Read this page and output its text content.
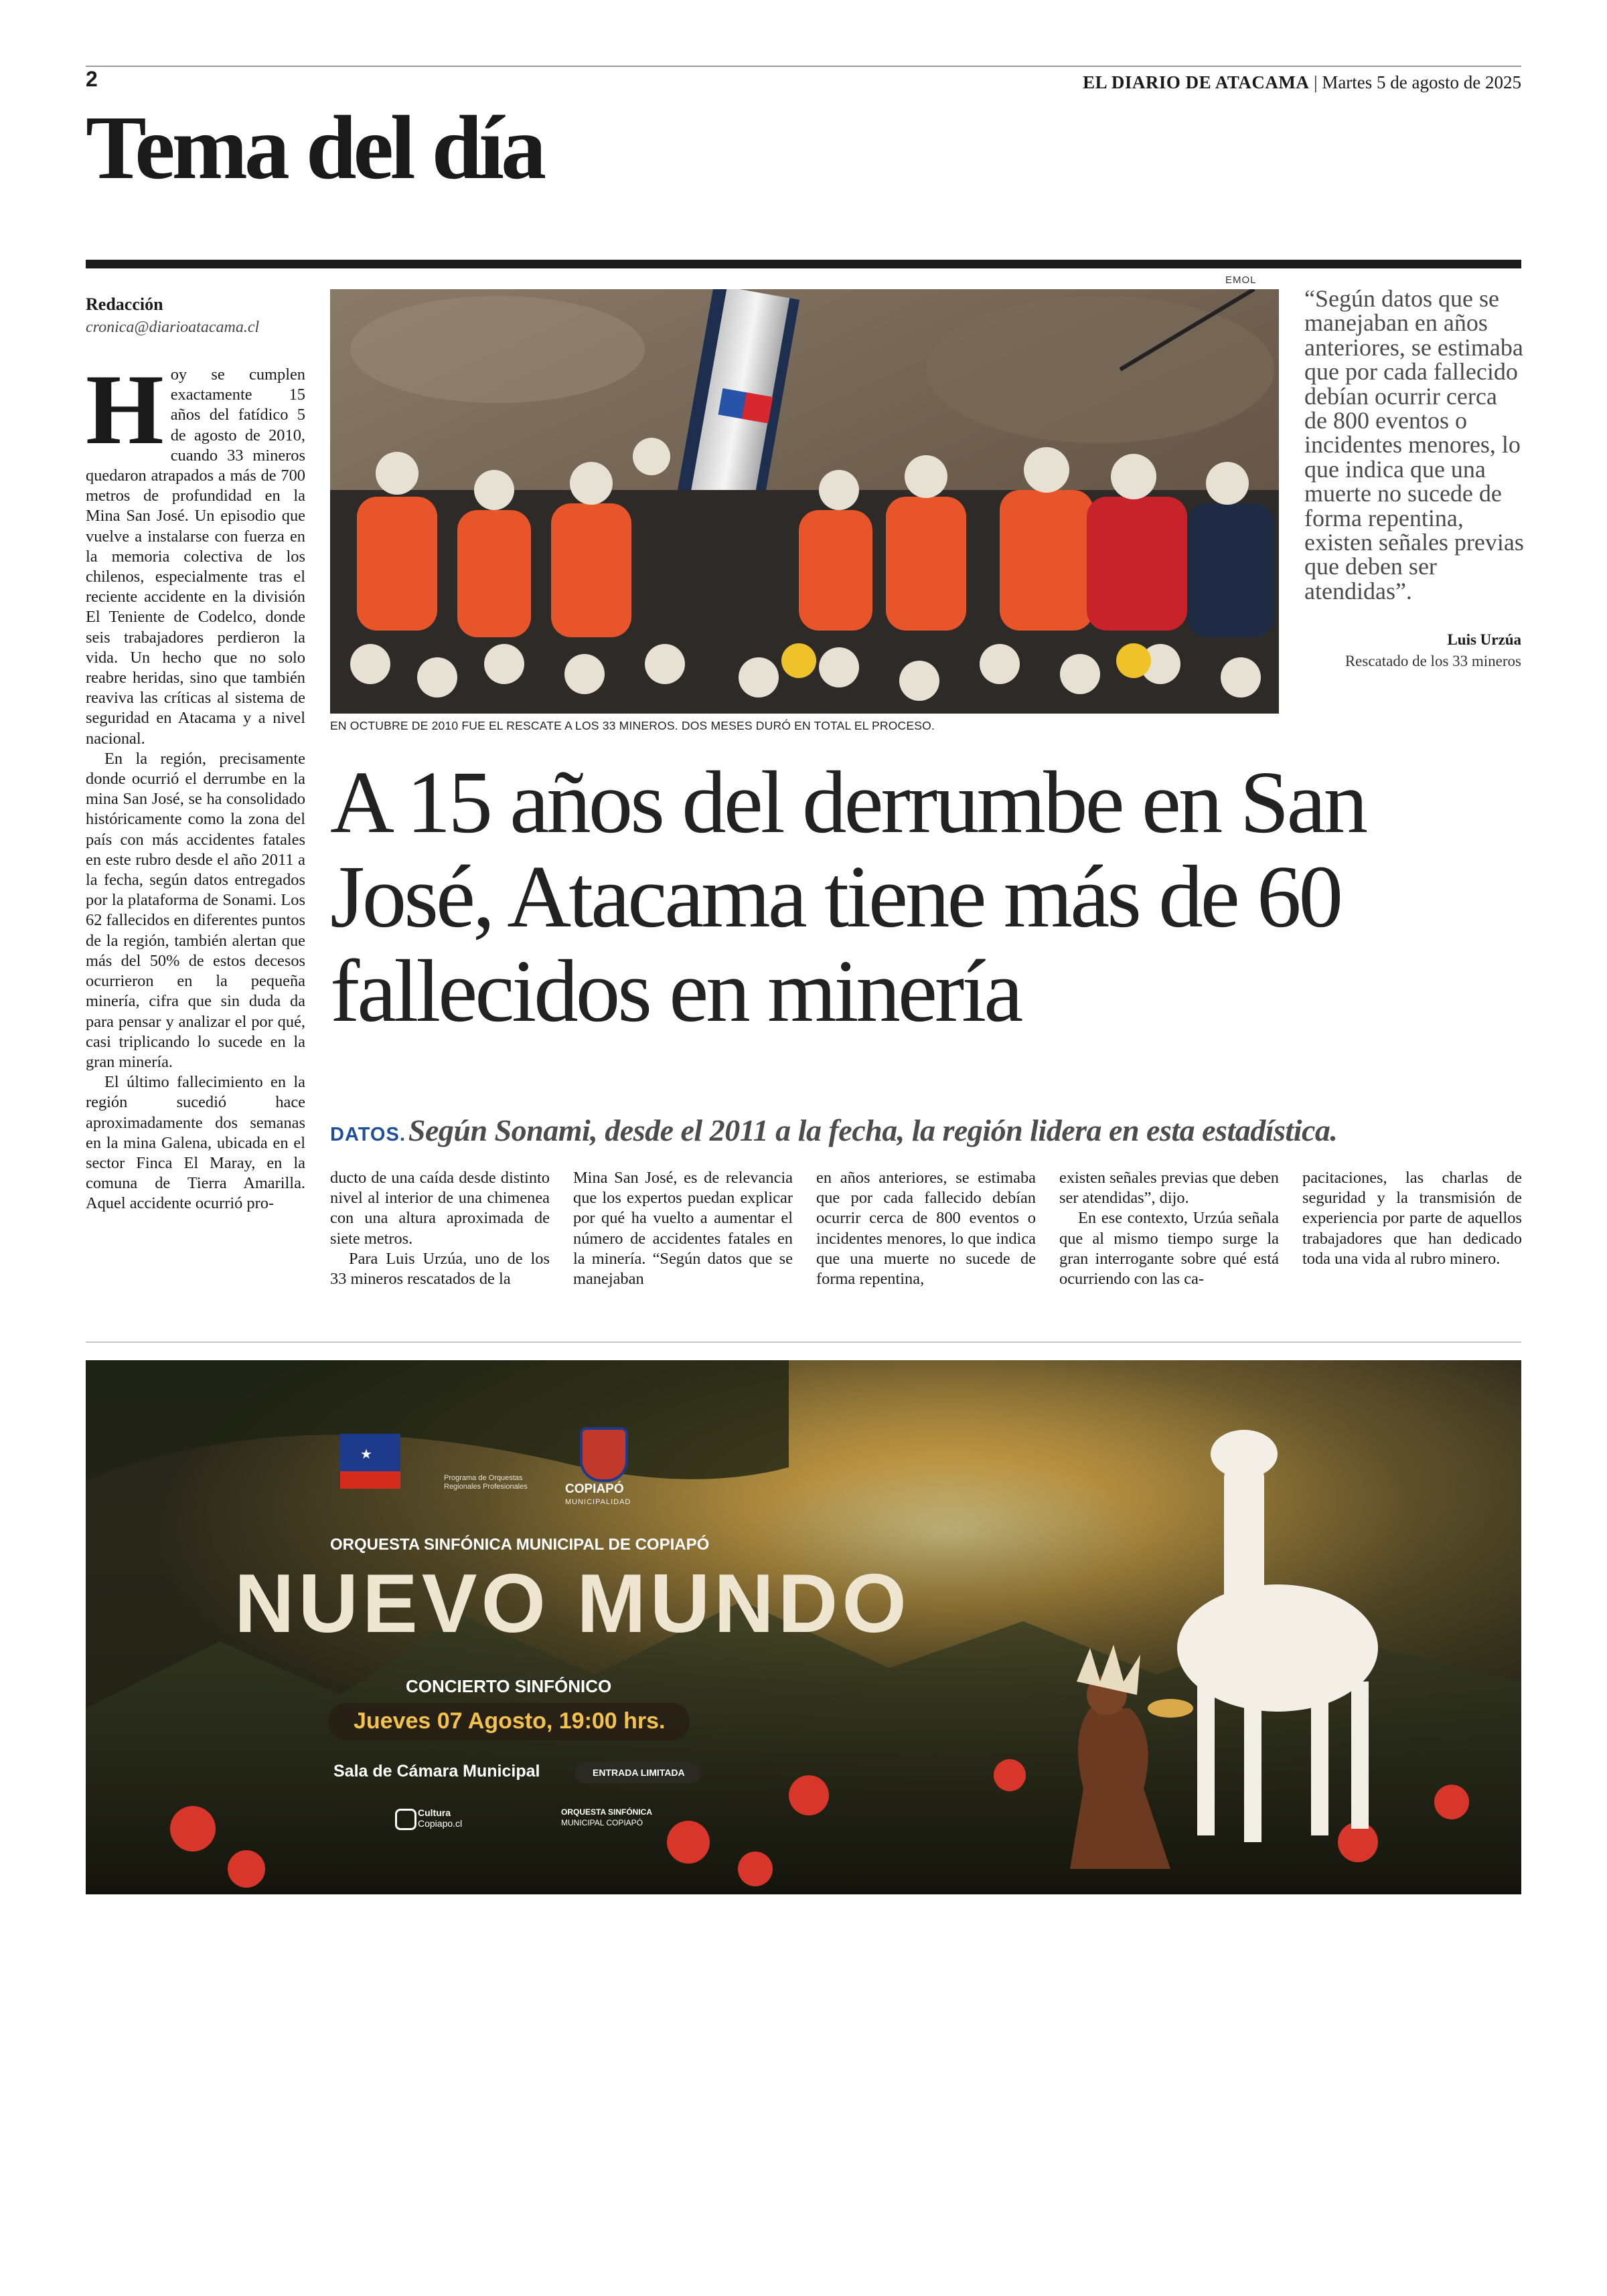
2	EL DIARIO DE ATACAMA | Martes 5 de agosto de 2025
Tema del día
Redacción
cronica@diarioatacama.cl

Hoy se cumplen exactamente 15 años del fatídico 5 de agosto de 2010, cuando 33 mineros quedaron atrapados a más de 700 metros de profundidad en la Mina San José. Un episodio que vuelve a instalarse con fuerza en la memoria colectiva de los chilenos, especialmente tras el reciente accidente en la división El Teniente de Codelco, donde seis trabajadores perdieron la vida. Un hecho que no solo reabre heridas, sino que también reaviva las críticas al sistema de seguridad en Atacama y a nivel nacional.

En la región, precisamente donde ocurrió el derrumbe en la mina San José, se ha consolidado históricamente como la zona del país con más accidentes fatales en este rubro desde el año 2011 a la fecha, según datos entregados por la plataforma de Sonami. Los 62 fallecidos en diferentes puntos de la región, también alertan que más del 50% de estos decesos ocurrieron en la pequeña minería, cifra que sin duda da para pensar y analizar el por qué, casi triplicando lo sucede en la gran minería.

El último fallecimiento en la región sucedió hace aproximadamente dos semanas en la mina Galena, ubicada en el sector Finca El Maray, en la comuna de Tierra Amarilla. Aquel accidente ocurrió pro-

EMOL
EN OCTUBRE DE 2010 FUE EL RESCATE A LOS 33 MINEROS. DOS MESES DURÓ EN TOTAL EL PROCESO.
“Según datos que se manejaban en años anteriores, se estimaba que por cada fallecido debían ocurrir cerca de 800 eventos o incidentes menores, lo que indica que una muerte no sucede de forma repentina, existen señales previas que deben ser atendidas”.
Luis Urzúa
Rescatado de los 33 mineros
A 15 años del derrumbe en San José, Atacama tiene más de 60 fallecidos en minería
DATOS. Según Sonami, desde el 2011 a la fecha, la región lidera en esta estadística.

ducto de una caída desde distinto nivel al interior de una chimenea con una altura aproximada de siete metros.

Para Luis Urzúa, uno de los 33 mineros rescatados de la

Mina San José, es de relevancia que los expertos puedan explicar por qué ha vuelto a aumentar el número de accidentes fatales en la minería. “Según datos que se manejaban

en años anteriores, se estimaba que por cada fallecido debían ocurrir cerca de 800 eventos o incidentes menores, lo que indica que una muerte no sucede de forma repentina,

existen señales previas que deben ser atendidas”, dijo.

En ese contexto, Urzúa señala que al mismo tiempo surge la gran interrogante sobre qué está ocurriendo con las ca-

pacitaciones, las charlas de seguridad y la transmisión de experiencia por parte de aquellos trabajadores que han dedicado toda una vida al rubro minero.

★
Programa de Orquestas Regionales Profesionales	COPIAPÓ
MUNICIPALIDAD
ORQUESTA SINFÓNICA MUNICIPAL DE COPIAPÓ
NUEVO MUNDO
CONCIERTO SINFÓNICO
Jueves 07 Agosto, 19:00 hrs.
Sala de Cámara Municipal	ENTRADA LIMITADA
Cultura
Copiapo.cl
ORQUESTA SINFÓNICA
MUNICIPAL COPIAPÓ
